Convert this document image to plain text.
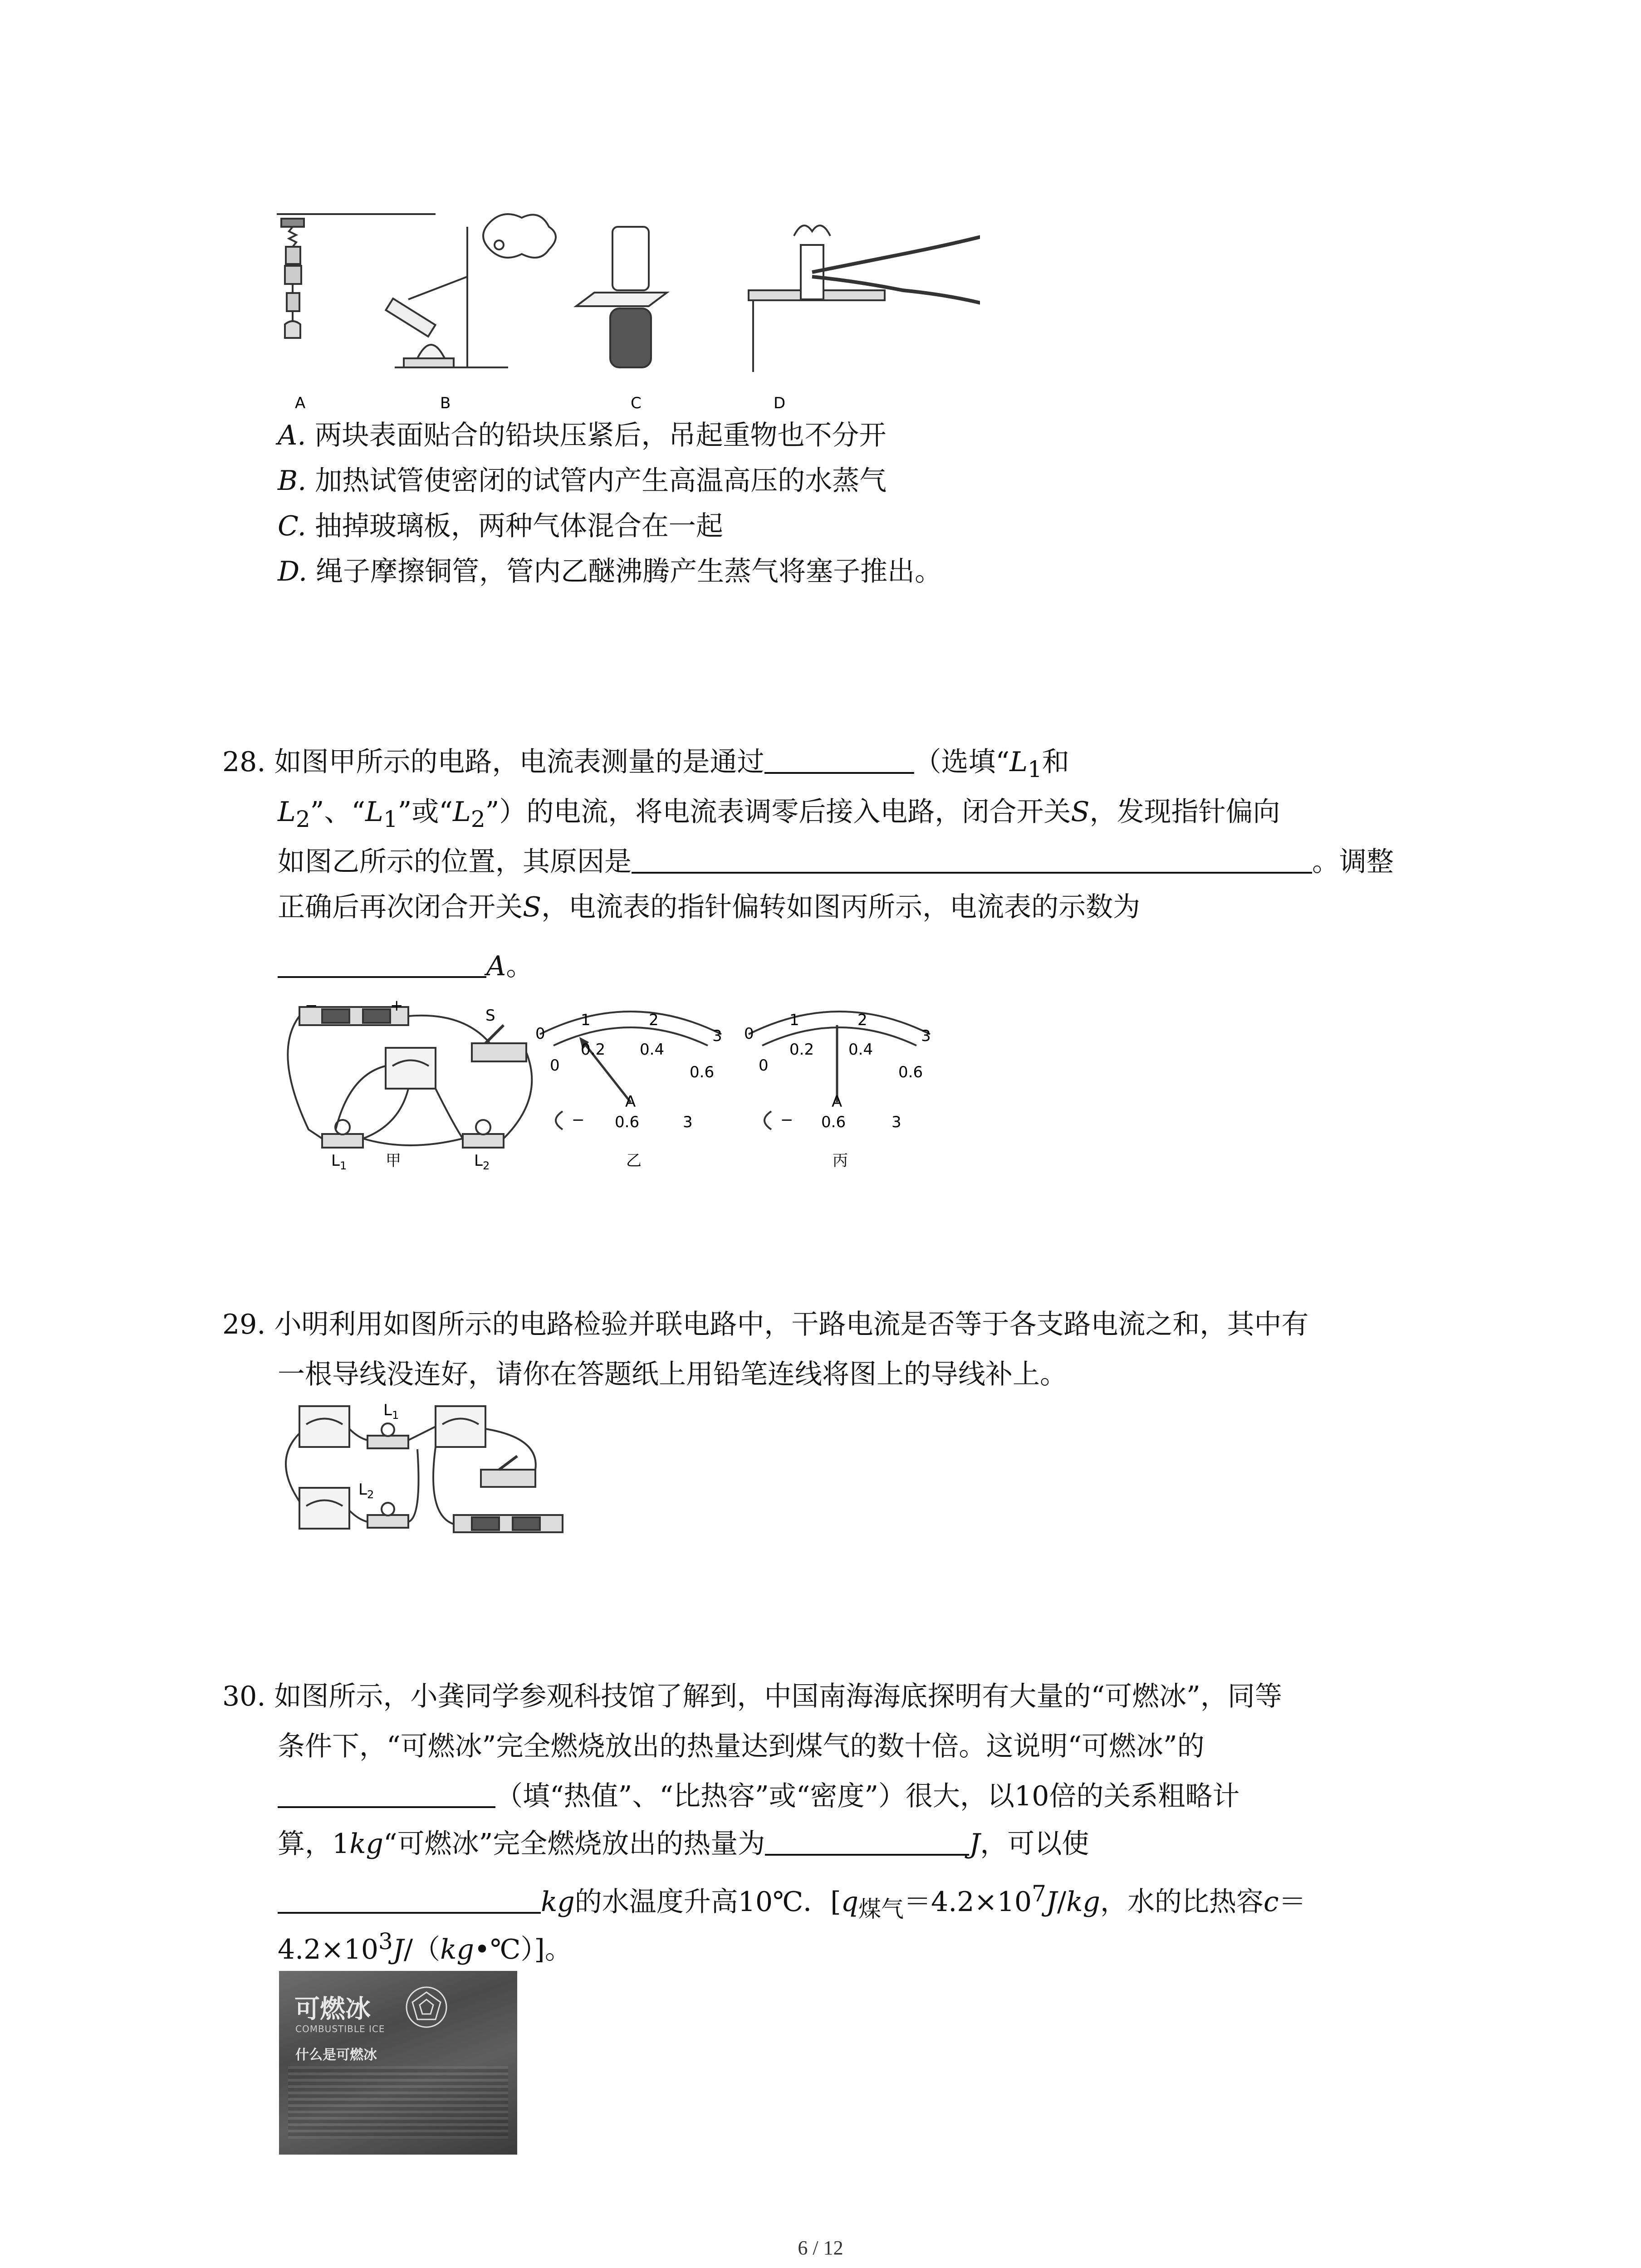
A	B	C	D
A. 两块表面贴合的铅块压紧后，吊起重物也不分开
B. 加热试管使密闭的试管内产生高温高压的水蒸气
C. 抽掉玻璃板，两种气体混合在一起
D. 绳子摩擦铜管，管内乙醚沸腾产生蒸气将塞子推出。
28. 如图甲所示的电路，电流表测量的是通过	（选填“$L_1$和
$L_2$”、“$L_1$”或“$L_2$”）的电流，将电流表调零后接入电路，闭合开关S，发现指针偏向
如图乙所示的位置，其原因是	。调整
正确后再次闭合开关S，电流表的指针偏转如图丙所示，电流表的示数为
A。
−	+
S
$L_1$	$L_2$
0
1	2
3
0
0.2 0.4
0.6
A
− 0.6	3
乙
0
1	2
3
0
0.2 0.4
0.6
A
− 0.6	3
丙
甲
29. 小明利用如图所示的电路检验并联电路中，干路电流是否等于各支路电流之和，其中有
一根导线没连好，请你在答题纸上用铅笔连线将图上的导线补上。
$L_1$
$L_2$
30. 如图所示，小龚同学参观科技馆了解到，中国南海海底探明有大量的“可燃冰”，同等
条件下，“可燃冰”完全燃烧放出的热量达到煤气的数十倍。这说明“可燃冰”的
（填“热值”、“比热容”或“密度”）很大，以10倍的关系粗略计
算，1kg“可燃冰”完全燃烧放出的热量为	J，可以使
kg的水温度升高10℃．[$q_{煤气}=4.2\times 10^7J/kg$，水的比热容c＝
$4.2\times 10^3J/(kg•℃)$]。
可燃冰
COMBUSTIBLE ICE
什么是可燃冰
6 / 12
